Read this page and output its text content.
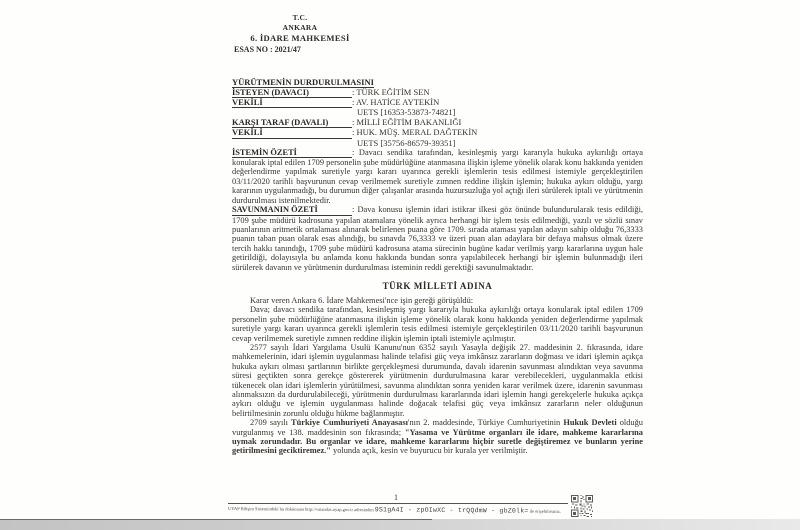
T.C.
ANKARA
6. İDARE MAHKEMESİ
ESAS NO : 2021/47
YÜRÜTMENİN DURDURULMASINI
İSTEYEN (DAVACI)	: TÜRK EĞİTİM SEN
VEKİLİ	: AV. HATİCE AYTEKİN
UETS [16353-53873-74821]
KARŞI TARAF (DAVALI)	: MİLLİ EĞİTİM BAKANLIĞI
VEKİLİ	: HUK. MÜŞ. MERAL DAĞTEKİN
UETS [35756-86579-39351]

İSTEMİN ÖZETİ	: Davacı sendika tarafından, kesinleşmiş yargı kararıyla hukuka aykırılığı ortaya konularak iptal edilen 1709 personelin şube müdürlüğüne atanmasına ilişkin işleme yönelik olarak konu hakkında yeniden değerlendirme yapılmak suretiyle yargı kararı uyarınca gerekli işlemlerin tesis edilmesi istemiyle gerçekleştirilen 03/11/2020 tarihli başvurunun cevap verilmemek suretiyle zımnen reddine ilişkin işlemin; hukuka aykırı olduğu, yargı kararının uygulanmadığı, bu durumun diğer çalışanlar arasında huzursuzluğa yol açtığı ileri sürülerek iptali ve yürütmenin durdurulması istenilmektedir.

SAVUNMANIN ÖZETİ	: Dava konusu işlemin idari istikrar ilkesi göz önünde bulundurularak tesis edildiği, 1709 şube müdürü kadrosuna yapılan atamalara yönelik ayrıca herhangi bir işlem tesis edilmediği, yazılı ve sözlü sınav puanlarının aritmetik ortalaması alınarak belirlenen puana göre 1709. sırada ataması yapılan adayın sahip olduğu 76,3333 puanın taban puan olarak esas alındığı, bu sınavda 76,3333 ve üzeri puan alan adaylara bir defaya mahsus olmak üzere tercih hakkı tanındığı, 1709 şube müdürü kadrosuna atama sürecinin bugüne kadar verilmiş yargı kararlarına uygun hale getirildiği, dolayısıyla bu anlamda konu hakkında bundan sonra yapılabilecek herhangi bir işlemin bulunmadığı ileri sürülerek davanın ve yürütmenin durdurulması isteminin reddi gerektiği savunulmaktadır.

TÜRK MİLLETİ ADINA

Karar veren Ankara 6. İdare Mahkemesi'nce işin gereği görüşüldü:

Dava; davacı sendika tarafından, kesinleşmiş yargı kararıyla hukuka aykırılığı ortaya konularak iptal edilen 1709 personelin şube müdürlüğüne atanmasına ilişkin işleme yönelik olarak konu hakkında yeniden değerlendirme yapılmak suretiyle yargı kararı uyarınca gerekli işlemlerin tesis edilmesi istemiyle gerçekleştirilen 03/11/2020 tarihli başvurunun cevap verilmemek suretiyle zımnen reddine ilişkin işlemin iptali istemiyle açılmıştır.

2577 sayılı İdari Yargılama Usulü Kanunu'nun 6352 sayılı Yasayla değişik 27. maddesinin 2. fıkrasında, idare mahkemelerinin, idari işlemin uygulanması halinde telafisi güç veya imkânsız zararların doğması ve idari işlemin açıkça hukuka aykırı olması şartlarının birlikte gerçekleşmesi durumunda, davalı idarenin savunması alındıktan veya savunma süresi geçtikten sonra gerekçe göstererek yürütmenin durdurulmasına karar verebilecekleri, uygulanmakla etkisi tükenecek olan idari işlemlerin yürütülmesi, savunma alındıktan sonra yeniden karar verilmek üzere, idarenin savunması alınmaksızın da durdurulabileceği, yürütmenin durdurulması kararlarında idari işlemin hangi gerekçelerle hukuka açıkça aykırı olduğu ve işlemin uygulanması halinde doğacak telafisi güç veya imkânsız zararların neler olduğunun belirtilmesinin zorunlu olduğu hükme bağlanmıştır.

2709 sayılı Türkiye Cumhuriyeti Anayasası'nın 2. maddesinde, Türkiye Cumhuriyetinin Hukuk Devleti olduğu vurgulanmış ve 138. maddesinin son fıkrasında; "Yasama ve Yürütme organları ile idare, mahkeme kararlarına uymak zorundadır. Bu organlar ve idare, mahkeme kararlarını hiçbir suretle değiştiremez ve bunların yerine getirilmesini geciktiremez." yolunda açık, kesin ve buyurucu bir kurala yer verilmiştir.

1
UYAP Bilişim Sistemindeki bu dokümana http://vatandas.uyap.gov.tr adresinden 9S1gA4I - zpOIwXC - trQQdmW - gbZ0lk= ile erişebilirsiniz.
